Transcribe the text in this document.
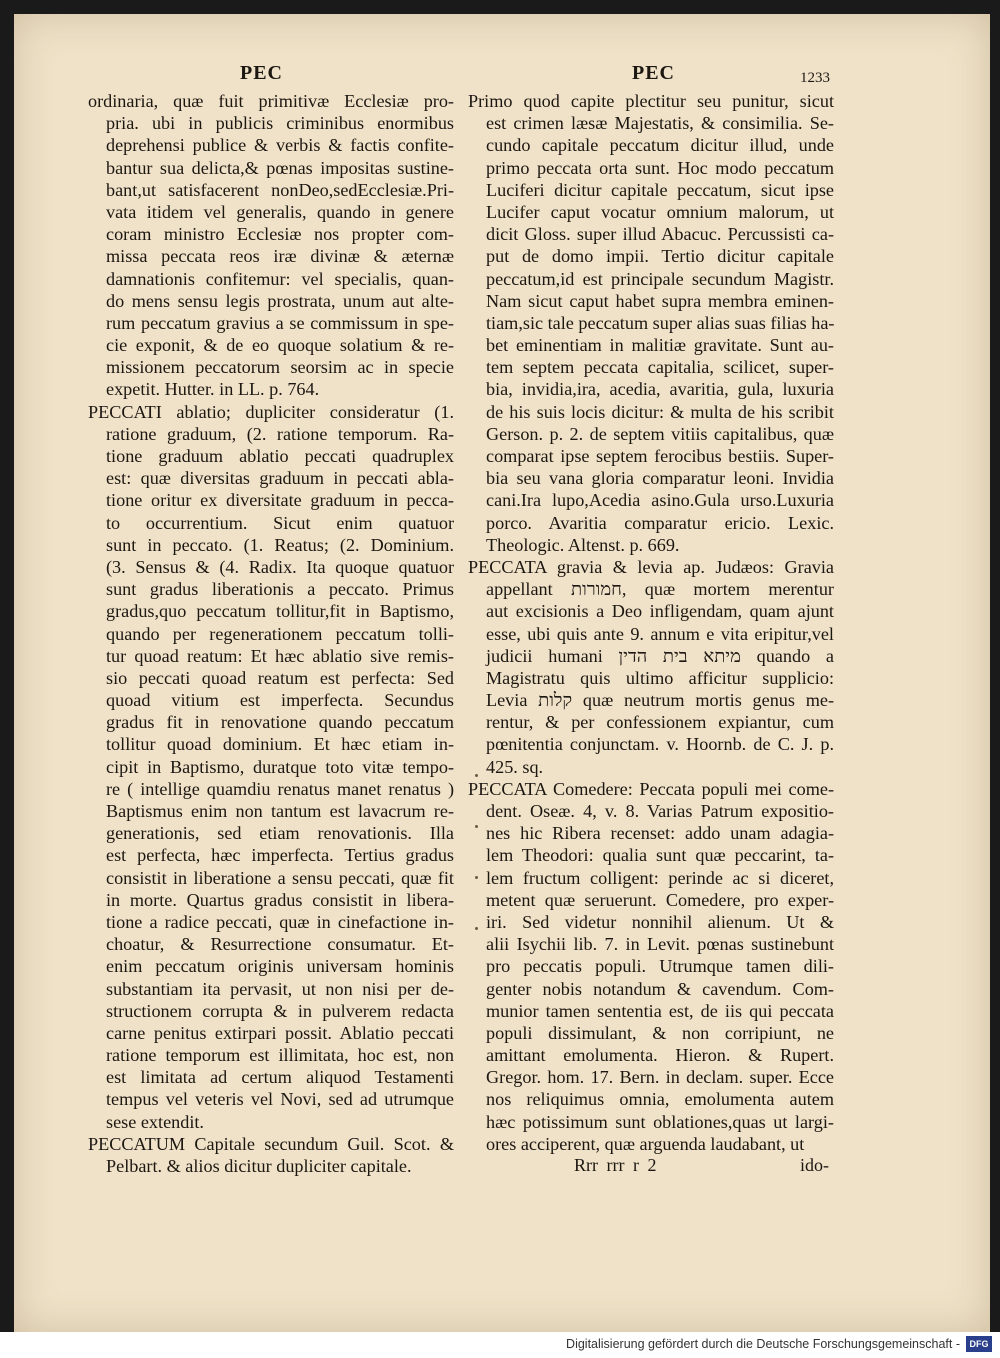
PEC	PEC	1233
ordinaria, quæ fuit primitivæ Ecclesiæ pro-
pria. ubi in publicis criminibus enormibus
deprehensi publice & verbis & factis confite-
bantur sua delicta,& pœnas impositas sustine-
bant,ut satisfacerent nonDeo,sedEcclesiæ.Pri-
vata itidem vel generalis, quando in genere
coram ministro Ecclesiæ nos propter com-
missa peccata reos iræ divinæ & æternæ
damnationis confitemur: vel specialis, quan-
do mens sensu legis prostrata, unum aut alte-
rum peccatum gravius a se commissum in spe-
cie exponit, & de eo quoque solatium & re-
missionem peccatorum seorsim ac in specie
expetit. Hutter. in LL. p. 764.
PECCATI ablatio; dupliciter consideratur (1.
ratione graduum, (2. ratione temporum. Ra-
tione graduum ablatio peccati quadruplex
est: quæ diversitas graduum in peccati abla-
tione oritur ex diversitate graduum in pecca-
to occurrentium. Sicut enim quatuor
sunt in peccato. (1. Reatus; (2. Dominium.
(3. Sensus & (4. Radix. Ita quoque quatuor
sunt gradus liberationis a peccato. Primus
gradus,quo peccatum tollitur,fit in Baptismo,
quando per regenerationem peccatum tolli-
tur quoad reatum: Et hæc ablatio sive remis-
sio peccati quoad reatum est perfecta: Sed
quoad vitium est imperfecta. Secundus
gradus fit in renovatione quando peccatum
tollitur quoad dominium. Et hæc etiam in-
cipit in Baptismo, duratque toto vitæ tempo-
re ( intellige quamdiu renatus manet renatus )
Baptismus enim non tantum est lavacrum re-
generationis, sed etiam renovationis. Illa
est perfecta, hæc imperfecta. Tertius gradus
consistit in liberatione a sensu peccati, quæ fit
in morte. Quartus gradus consistit in libera-
tione a radice peccati, quæ in cinefactione in-
choatur, & Resurrectione consumatur. Et-
enim peccatum originis universam hominis
substantiam ita pervasit, ut non nisi per de-
structionem corrupta & in pulverem redacta
carne penitus extirpari possit. Ablatio peccati
ratione temporum est illimitata, hoc est, non
est limitata ad certum aliquod Testamenti
tempus vel veteris vel Novi, sed ad utrumque
sese extendit.
PECCATUM Capitale secundum Guil. Scot. &
Pelbart. & alios dicitur dupliciter capitale.
Primo quod capite plectitur seu punitur, sicut
est crimen læsæ Majestatis, & consimilia. Se-
cundo capitale peccatum dicitur illud, unde
primo peccata orta sunt. Hoc modo peccatum
Luciferi dicitur capitale peccatum, sicut ipse
Lucifer caput vocatur omnium malorum, ut
dicit Gloss. super illud Abacuc. Percussisti ca-
put de domo impii. Tertio dicitur capitale
peccatum,id est principale secundum Magistr.
Nam sicut caput habet supra membra eminen-
tiam,sic tale peccatum super alias suas filias ha-
bet eminentiam in malitiæ gravitate. Sunt au-
tem septem peccata capitalia, scilicet, super-
bia, invidia,ira, acedia, avaritia, gula, luxuria
de his suis locis dicitur: & multa de his scribit
Gerson. p. 2. de septem vitiis capitalibus, quæ
comparat ipse septem ferocibus bestiis. Super-
bia seu vana gloria comparatur leoni. Invidia
cani.Ira lupo,Acedia asino.Gula urso.Luxuria
porco. Avaritia comparatur ericio. Lexic.
Theologic. Altenst. p. 669.
PECCATA gravia & levia ap. Judæos: Gravia
appellant חמורות, quæ mortem merentur
aut excisionis a Deo infligendam, quam ajunt
esse, ubi quis ante 9. annum e vita eripitur,vel
judicii humani מיתא בית הדין quando a
Magistratu quis ultimo afficitur supplicio:
Levia קלות quæ neutrum mortis genus me-
rentur, & per confessionem expiantur, cum
pœnitentia conjunctam. v. Hoornb. de C. J. p.
425. sq.
PECCATA Comedere: Peccata populi mei come-
dent. Oseæ. 4, v. 8. Varias Patrum expositio-
nes hic Ribera recenset: addo unam adagia-
lem Theodori: qualia sunt quæ peccarint, ta-
lem fructum colligent: perinde ac si diceret,
metent quæ seruerunt. Comedere, pro exper-
iri. Sed videtur nonnihil alienum. Ut &
alii Isychii lib. 7. in Levit. pœnas sustinebunt
pro peccatis populi. Utrumque tamen dili-
genter nobis notandum & cavendum. Com-
munior tamen sententia est, de iis qui peccata
populi dissimulant, & non corripiunt, ne
amittant emolumenta. Hieron. & Rupert.
Gregor. hom. 17. Bern. in declam. super. Ecce
nos reliquimus omnia, emolumenta autem
hæc potissimum sunt oblationes,quas ut largi-
ores acciperent, quæ arguenda laudabant, ut
Rrr rrr r 2	ido-
Digitalisierung gefördert durch die Deutsche Forschungsgemeinschaft -	DFG
